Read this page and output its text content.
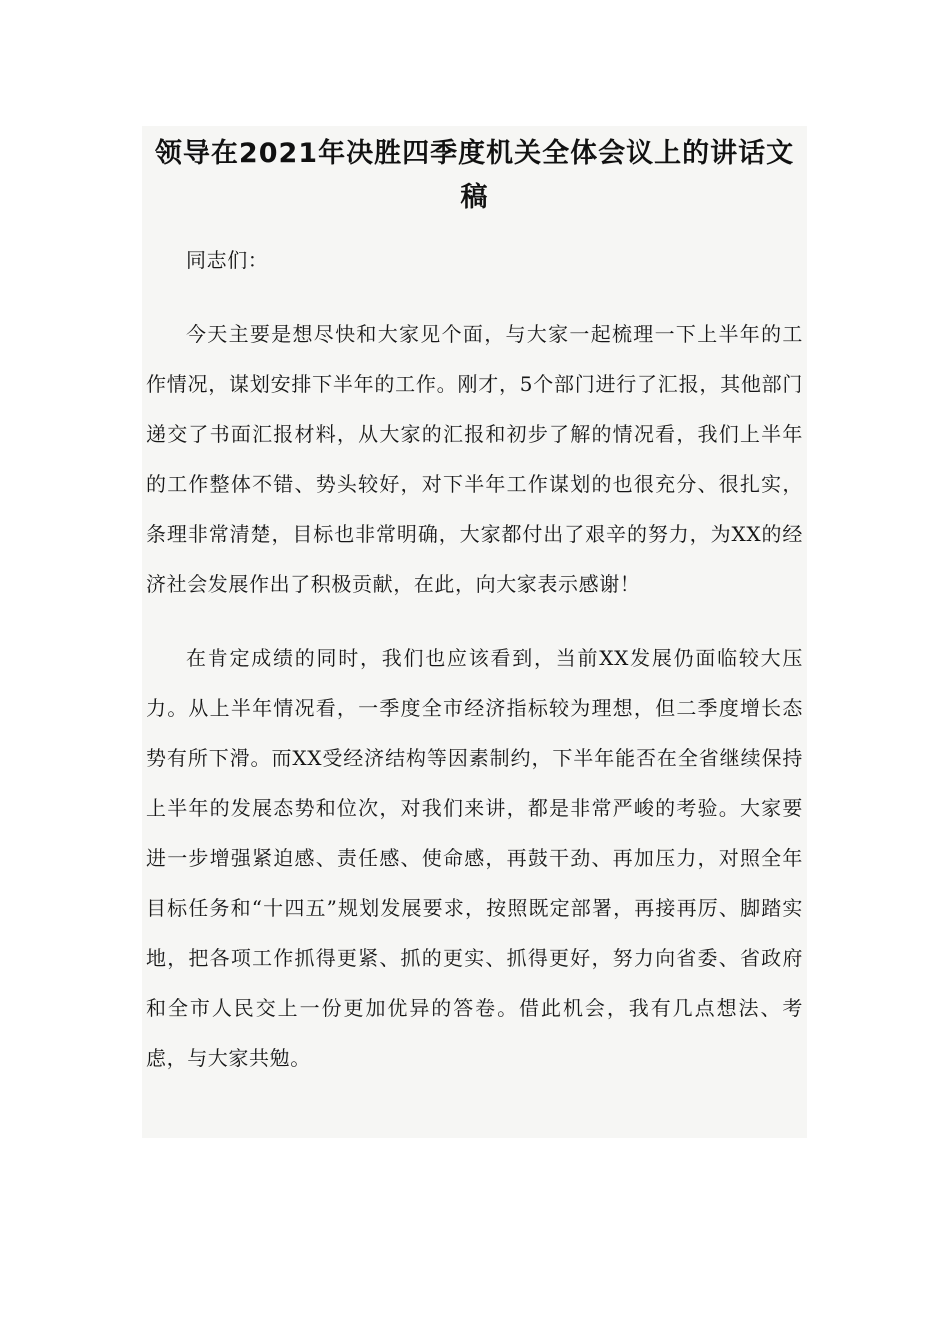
领导在2021年决胜四季度机关全体会议上的讲话文稿

同志们：

今天主要是想尽快和大家见个面，与大家一起梳理一下上半年的工作情况，谋划安排下半年的工作。刚才，5个部门进行了汇报，其他部门递交了书面汇报材料，从大家的汇报和初步了解的情况看，我们上半年的工作整体不错、势头较好，对下半年工作谋划的也很充分、很扎实，条理非常清楚，目标也非常明确，大家都付出了艰辛的努力，为XX的经济社会发展作出了积极贡献，在此，向大家表示感谢！

在肯定成绩的同时，我们也应该看到，当前XX发展仍面临较大压力。从上半年情况看，一季度全市经济指标较为理想，但二季度增长态势有所下滑。而XX受经济结构等因素制约，下半年能否在全省继续保持上半年的发展态势和位次，对我们来讲，都是非常严峻的考验。大家要进一步增强紧迫感、责任感、使命感，再鼓干劲、再加压力，对照全年目标任务和“十四五”规划发展要求，按照既定部署，再接再厉、脚踏实地，把各项工作抓得更紧、抓的更实、抓得更好，努力向省委、省政府和全市人民交上一份更加优异的答卷。借此机会，我有几点想法、考虑，与大家共勉。
